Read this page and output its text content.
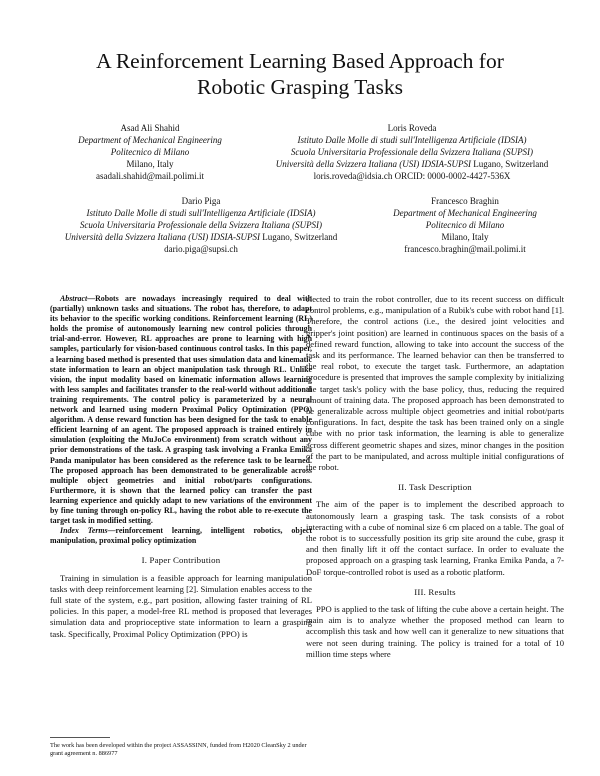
A Reinforcement Learning Based Approach for
Robotic Grasping Tasks
Asad Ali Shahid
Department of Mechanical Engineering
Politecnico di Milano
Milano, Italy
asadali.shahid@mail.polimi.it
Loris Roveda
Istituto Dalle Molle di studi sull'Intelligenza Artificiale (IDSIA)
Scuola Universitaria Professionale della Svizzera Italiana (SUPSI)
Università della Svizzera Italiana (USI) IDSIA-SUPSI Lugano, Switzerland
loris.roveda@idsia.ch ORCID: 0000-0002-4427-536X
Dario Piga
Istituto Dalle Molle di studi sull'Intelligenza Artificiale (IDSIA)
Scuola Universitaria Professionale della Svizzera Italiana (SUPSI)
Università della Svizzera Italiana (USI) IDSIA-SUPSI Lugano, Switzerland
dario.piga@supsi.ch
Francesco Braghin
Department of Mechanical Engineering
Politecnico di Milano
Milano, Italy
francesco.braghin@mail.polimi.it

Abstract—Robots are nowadays increasingly required to deal with (partially) unknown tasks and situations. The robot has, therefore, to adapt its behavior to the specific working conditions. Reinforcement learning (RL) holds the promise of autonomously learning new control policies through trial-and-error. However, RL approaches are prone to learning with high samples, particularly for vision-based continuous control tasks. In this paper, a learning based method is presented that uses simulation data and kinematic state information to learn an object manipulation task through RL. Unlike vision, the input modality based on kinematic information allows learning with less samples and facilitates transfer to the real-world without additional training requirements. The control policy is parameterized by a neural network and learned using modern Proximal Policy Optimization (PPO) algorithm. A dense reward function has been designed for the task to enable efficient learning of an agent. The proposed approach is trained entirely in simulation (exploiting the MuJoCo environment) from scratch without any prior demonstrations of the task. A grasping task involving a Franka Emika Panda manipulator has been considered as the reference task to be learned. The proposed approach has been demonstrated to be generalizable across multiple object geometries and initial robot/parts configurations. Furthermore, it is shown that the learned policy can transfer the past learning experience and quickly adapt to new variations of the environment by fine tuning through on-policy RL, having the robot able to re-execute the target task in modified setting.

Index Terms—reinforcement learning, intelligent robotics, object manipulation, proximal policy optimization

I. Paper Contribution

Training in simulation is a feasible approach for learning manipulation tasks with deep reinforcement learning [2]. Simulation enables access to the full state of the system, e.g., part position, allowing faster training of RL policies. In this paper, a model-free RL method is proposed that leverages simulation data and proprioceptive state information to learn a grasping task. Specifically, Proximal Policy Optimization (PPO) is

The work has been developed within the project ASSASSINN, funded from H2020 CleanSky 2 under grant agreement n. 886977

elected to train the robot controller, due to its recent success on difficult control problems, e.g., manipulation of a Rubik's cube with robot hand [1]. Therefore, the control actions (i.e., the desired joint velocities and gripper's joint position) are learned in continuous spaces on the basis of a defined reward function, allowing to take into account the success of the task and its performance. The learned behavior can then be transferred to the real robot, to execute the target task. Furthermore, an adaptation procedure is presented that improves the sample complexity by initializing the target task's policy with the base policy, thus, reducing the required amount of training data. The proposed approach has been demonstrated to be generalizable across multiple object geometries and initial robot/parts configurations. In fact, despite the task has been trained only on a single cube with no prior task information, the learning is able to generalize across different geometric shapes and sizes, minor changes in the position of the part to be manipulated, and across multiple initial configurations of the robot.

II. Task Description

The aim of the paper is to implement the described approach to autonomously learn a grasping task. The task consists of a robot interacting with a cube of nominal size 6 cm placed on a table. The goal of the robot is to successfully position its grip site around the cube, grasp it and then finally lift it off the contact surface. In order to evaluate the proposed approach on a grasping task learning, Franka Emika Panda, a 7-DoF torque-controlled robot is used as a robotic platform.

III. Results

PPO is applied to the task of lifting the cube above a certain height. The main aim is to analyze whether the proposed method can learn to accomplish this task and how well can it generalize to new situations that were not seen during training. The policy is trained for a total of 10 million time steps where
